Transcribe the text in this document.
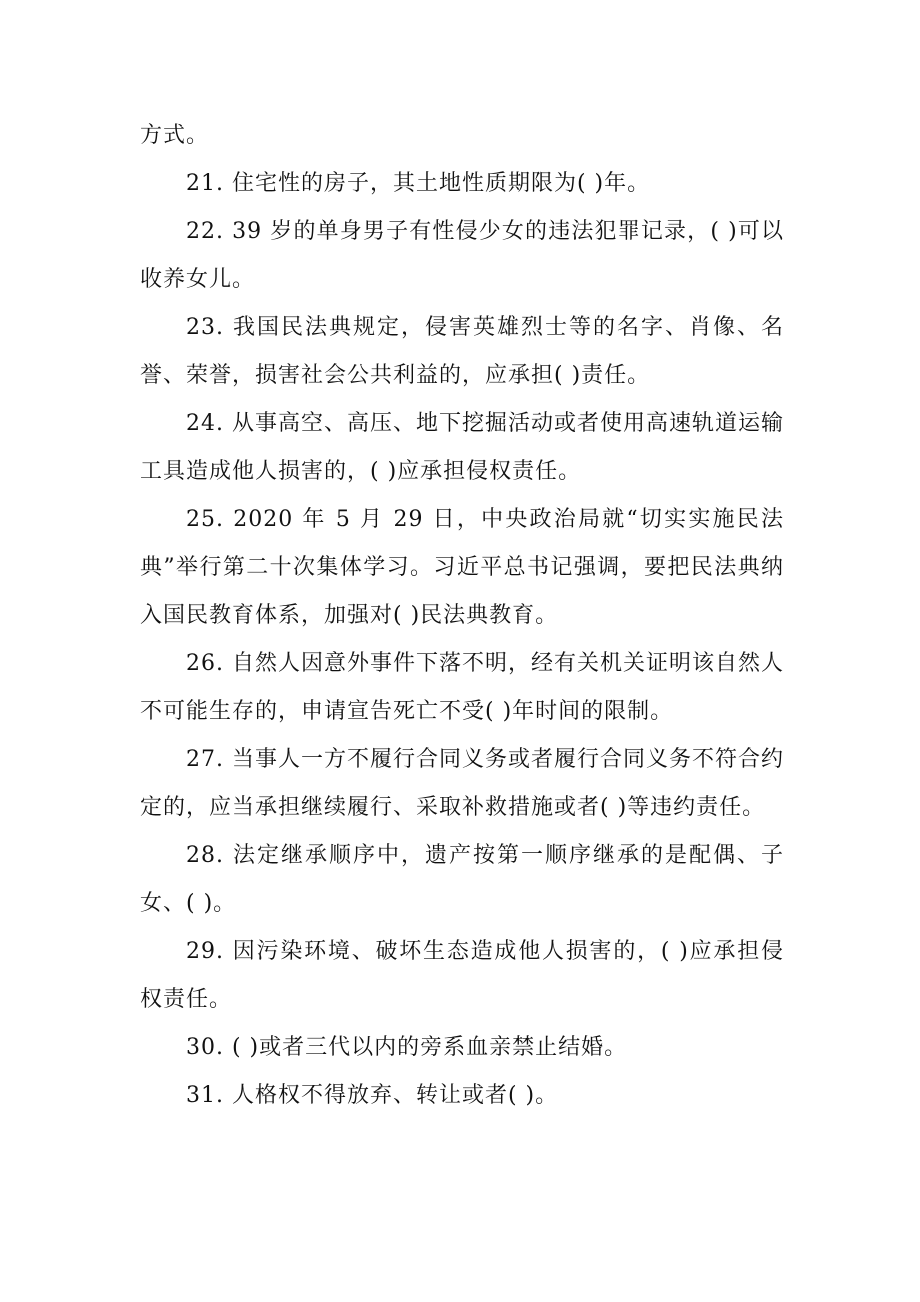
方式。

21. 住宅性的房子，其土地性质期限为( )年。

22. 39 岁的单身男子有性侵少女的违法犯罪记录，( )可以收养女儿。

23. 我国民法典规定，侵害英雄烈士等的名字、肖像、名誉、荣誉，损害社会公共利益的，应承担( )责任。

24. 从事高空、高压、地下挖掘活动或者使用高速轨道运输工具造成他人损害的，( )应承担侵权责任。

25. 2020 年 5 月 29 日，中央政治局就“切实实施民法典”举行第二十次集体学习。习近平总书记强调，要把民法典纳入国民教育体系，加强对( )民法典教育。

26. 自然人因意外事件下落不明，经有关机关证明该自然人不可能生存的，申请宣告死亡不受( )年时间的限制。

27. 当事人一方不履行合同义务或者履行合同义务不符合约定的，应当承担继续履行、采取补救措施或者( )等违约责任。

28. 法定继承顺序中，遗产按第一顺序继承的是配偶、子女、( )。

29. 因污染环境、破坏生态造成他人损害的，( )应承担侵权责任。

30. ( )或者三代以内的旁系血亲禁止结婚。

31. 人格权不得放弃、转让或者( )。
